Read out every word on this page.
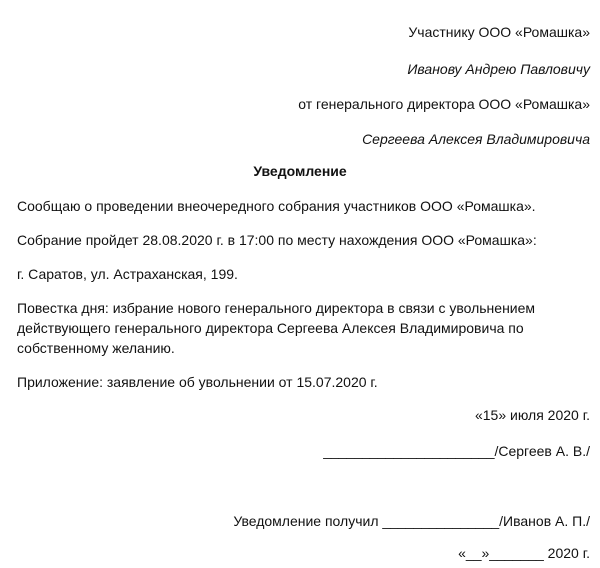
Участнику ООО «Ромашка»
Иванову Андрею Павловичу
от генерального директора ООО «Ромашка»
Сергеева Алексея Владимировича
Уведомление
Сообщаю о проведении внеочередного собрания участников ООО «Ромашка».
Собрание пройдет 28.08.2020 г. в 17:00 по месту нахождения ООО «Ромашка»:
г. Саратов, ул. Астраханская, 199.
Повестка дня: избрание нового генерального директора в связи с увольнением
действующего генерального директора Сергеева Алексея Владимировича по
собственному желанию.
Приложение: заявление об увольнении от 15.07.2020 г.
«15» июля 2020 г.
______________________/Сергеев А. В./
Уведомление получил _______________/Иванов А. П./
«__»_______ 2020 г.
